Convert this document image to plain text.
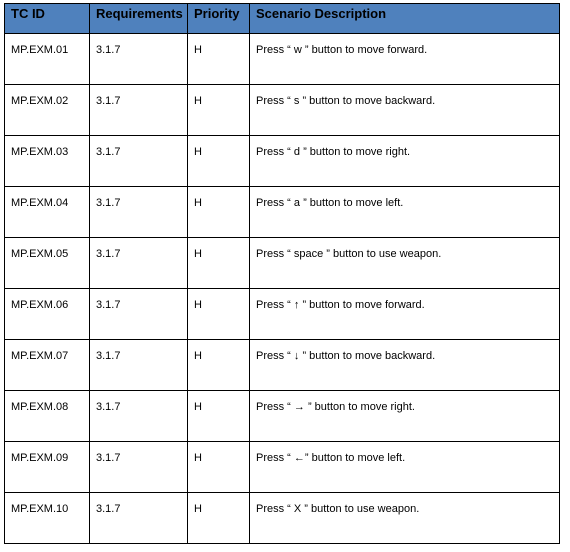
TC ID	Requirements	Priority	Scenario Description
MP.EXM.01	3.1.7	H	Press “ w ” button to move forward.
MP.EXM.02	3.1.7	H	Press “ s ” button to move backward.
MP.EXM.03	3.1.7	H	Press “ d ” button to move right.
MP.EXM.04	3.1.7	H	Press “ a ” button to move left.
MP.EXM.05	3.1.7	H	Press “ space ” button to use weapon.
MP.EXM.06	3.1.7	H	Press “ ↑ ” button to move forward.
MP.EXM.07	3.1.7	H	Press “ ↓ ” button to move backward.
MP.EXM.08	3.1.7	H	Press “ → ” button to move right.
MP.EXM.09	3.1.7	H	Press “ ←” button to move left.
MP.EXM.10	3.1.7	H	Press “ X ” button to use weapon.
